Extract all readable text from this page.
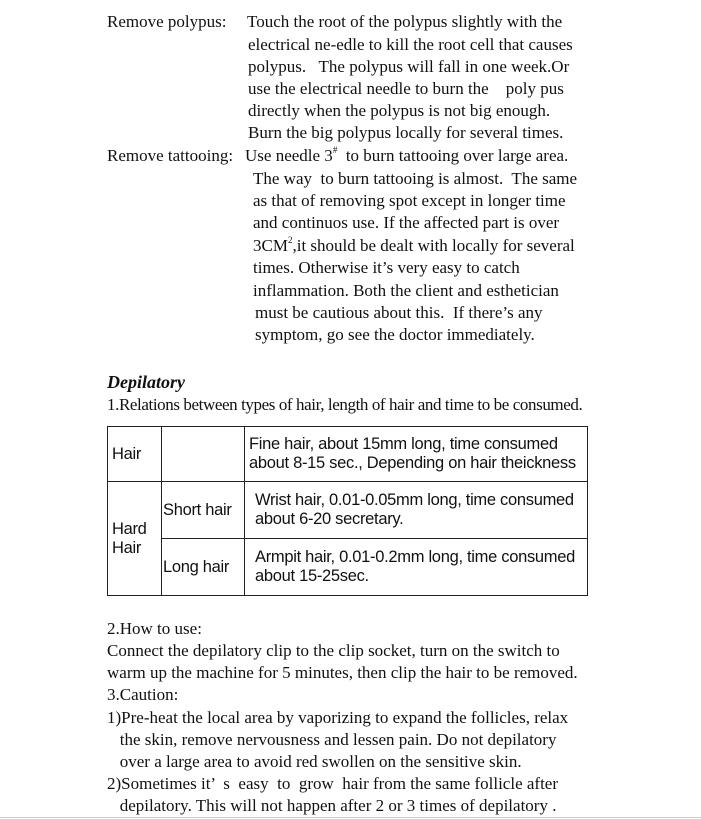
Remove polypus: Touch the root of the polypus slightly with the
electrical ne-edle to kill the root cell that causes
polypus.   The polypus will fall in one week.Or
use the electrical needle to burn the    poly pus
directly when the polypus is not big enough.
Burn the big polypus locally for several times.
Remove tattooing: Use needle 3#  to burn tattooing over large area.
The way  to burn tattooing is almost.  The same
as that of removing spot except in longer time
and continuos use. If the affected part is over
$3CM^2,it$ should be dealt with locally for several
times. Otherwise it’s very easy to catch
inflammation. Both the client and esthetician
must be cautious about this.  If there’s any
symptom, go see the doctor immediately.
Depilatory
1.Relations between types of hair, length of hair and time to be consumed.
Hair		Fine hair, about 15mm long, time consumed about 8-15 sec., Depending on hair theickness
Hard Hair	Short hair	Wrist hair, 0.01-0.05mm long, time consumed about 6-20 secretary.
	Long hair	Armpit hair, 0.01-0.2mm long, time consumed about 15-25sec.
2.How to use:
Connect the depilatory clip to the clip socket, turn on the switch to
warm up the machine for 5 minutes, then clip the hair to be removed.
3.Caution:
1)Pre-heat the local area by vaporizing to expand the follicles, relax
the skin, remove nervousness and lessen pain. Do not depilatory
over a large area to avoid red swollen on the sensitive skin.
2)Sometimes it’  s  easy  to  grow  hair from the same follicle after
depilatory. This will not happen after 2 or 3 times of depilatory .
